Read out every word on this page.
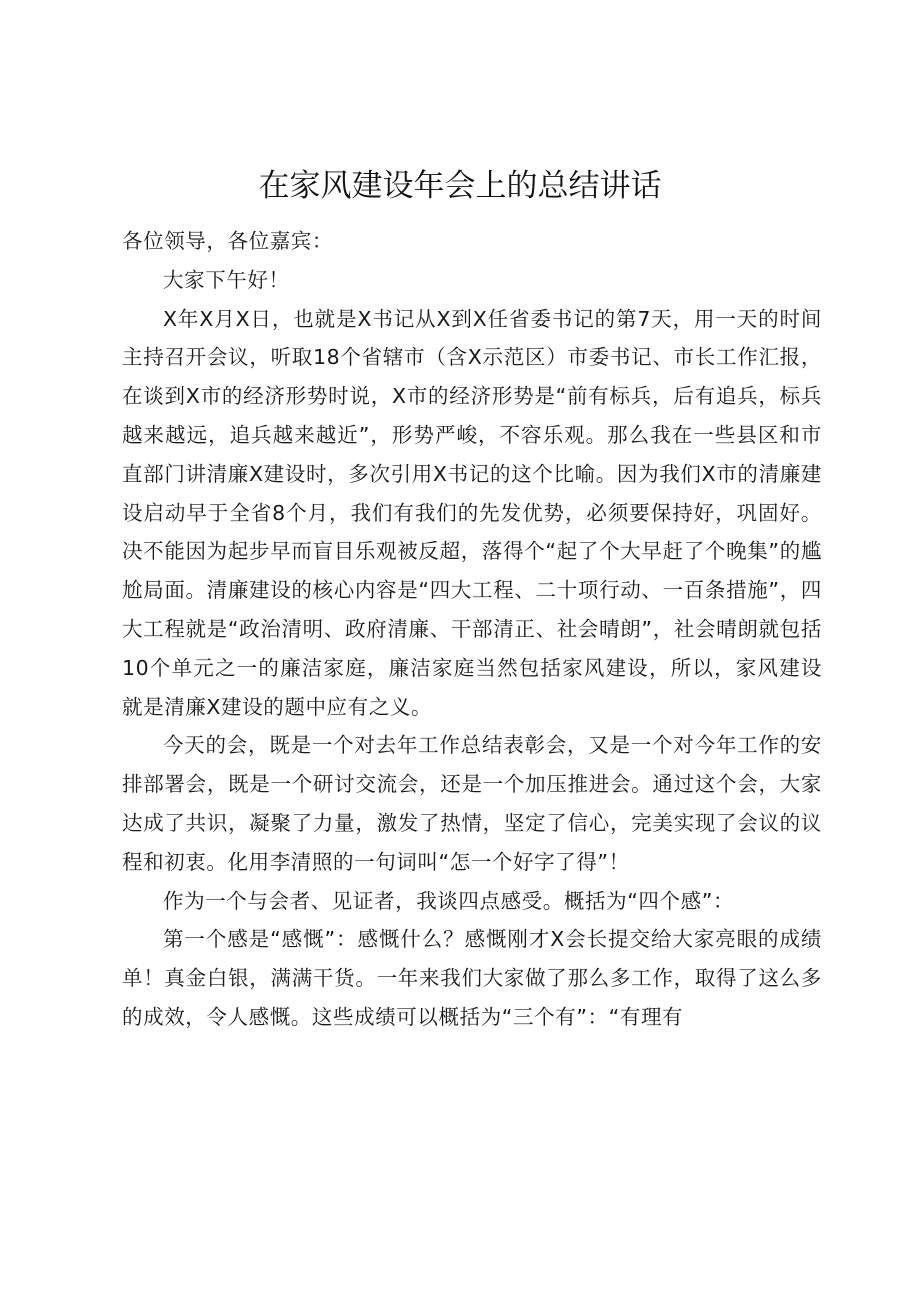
在家风建设年会上的总结讲话

各位领导，各位嘉宾：

大家下午好！

X年X月X日，也就是X书记从X到X任省委书记的第7天，用一天的时间主持召开会议，听取18个省辖市（含X示范区）市委书记、市长工作汇报，在谈到X市的经济形势时说，X市的经济形势是“前有标兵，后有追兵，标兵越来越远，追兵越来越近”，形势严峻，不容乐观。那么我在一些县区和市直部门讲清廉X建设时，多次引用X书记的这个比喻。因为我们X市的清廉建设启动早于全省8个月，我们有我们的先发优势，必须要保持好，巩固好。决不能因为起步早而盲目乐观被反超，落得个“起了个大早赶了个晚集”的尴尬局面。清廉建设的核心内容是“四大工程、二十项行动、一百条措施”，四大工程就是“政治清明、政府清廉、干部清正、社会晴朗”，社会晴朗就包括10个单元之一的廉洁家庭，廉洁家庭当然包括家风建设，所以，家风建设就是清廉X建设的题中应有之义。

今天的会，既是一个对去年工作总结表彰会，又是一个对今年工作的安排部署会，既是一个研讨交流会，还是一个加压推进会。通过这个会，大家达成了共识，凝聚了力量，激发了热情，坚定了信心，完美实现了会议的议程和初衷。化用李清照的一句词叫“怎一个好字了得”！

作为一个与会者、见证者，我谈四点感受。概括为“四个感”：

第一个感是“感慨”：感慨什么？感慨刚才X会长提交给大家亮眼的成绩单！真金白银，满满干货。一年来我们大家做了那么多工作，取得了这么多的成效，令人感慨。这些成绩可以概括为“三个有”：“有理有
